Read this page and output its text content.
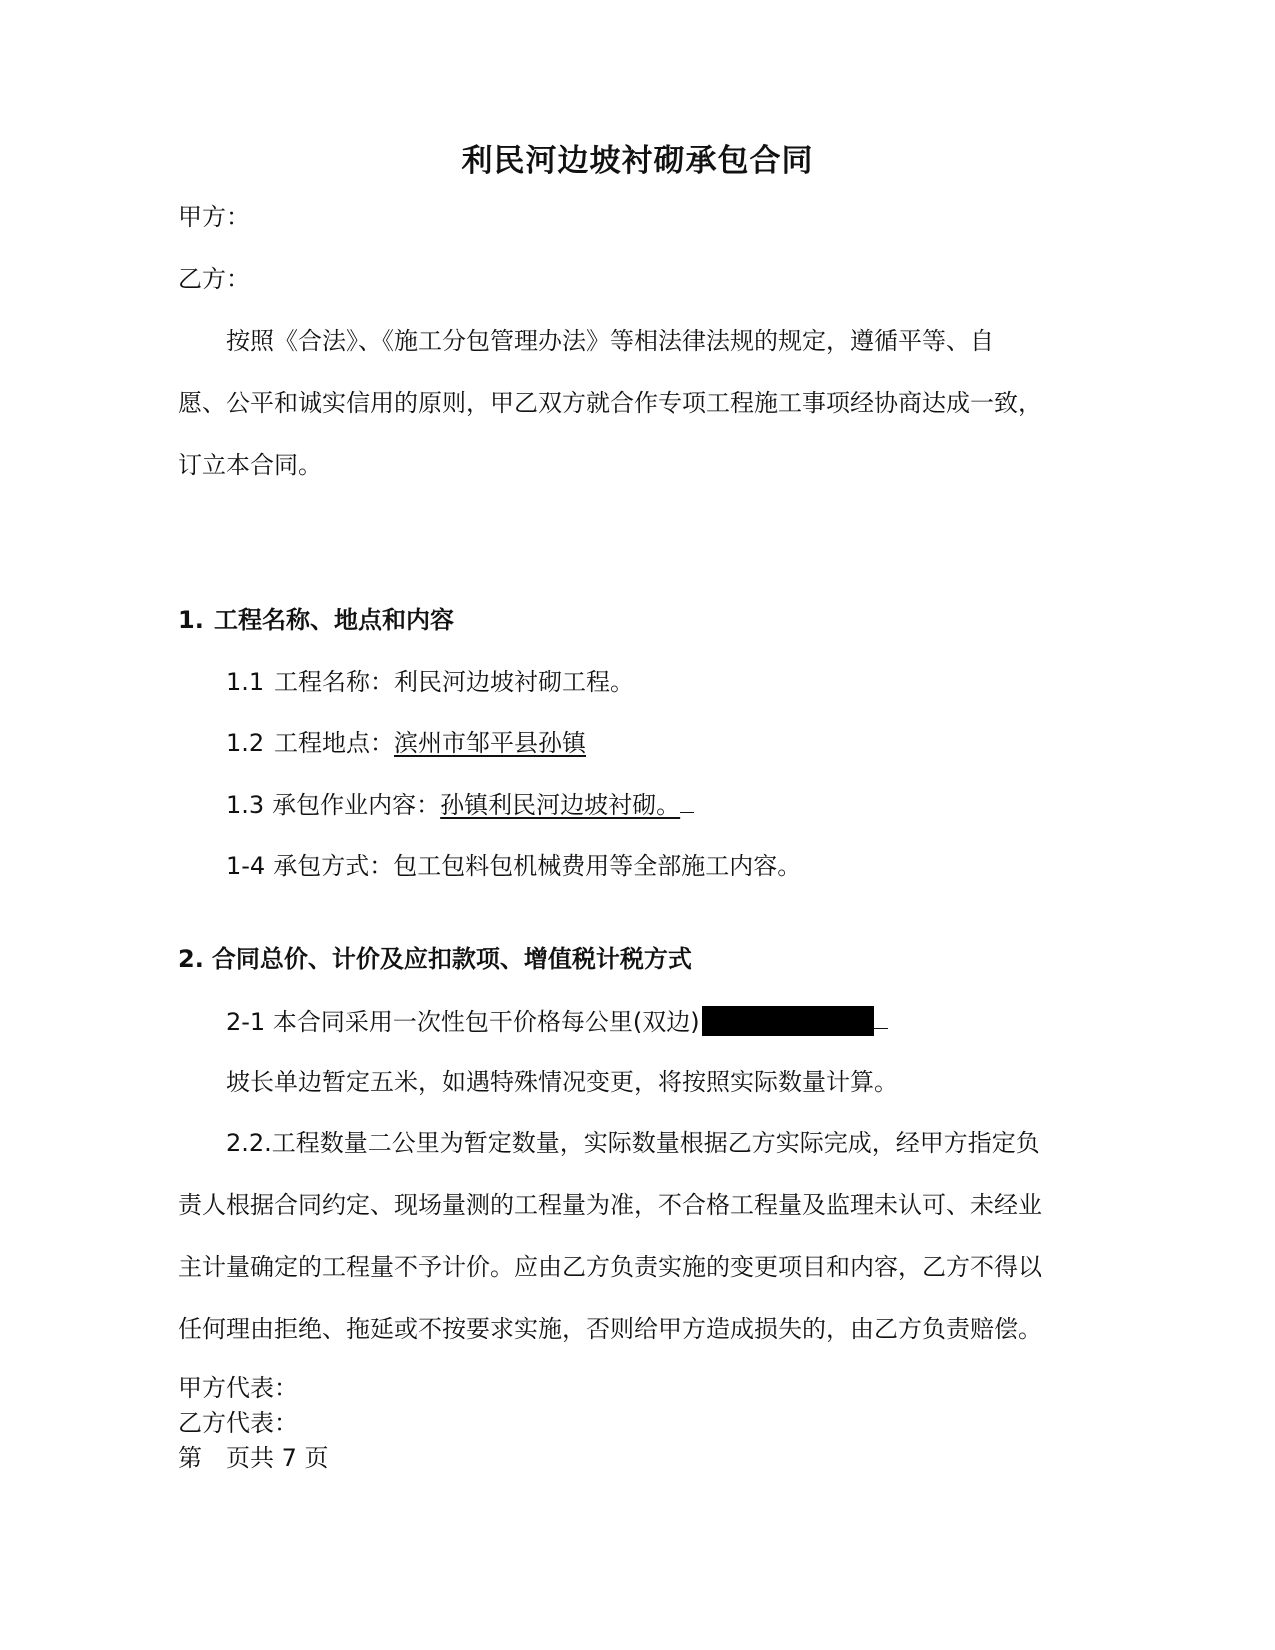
利民河边坡衬砌承包合同
甲方：
乙方：
按照《合法》、《施工分包管理办法》等相法律法规的规定，遵循平等、自
愿、公平和诚实信用的原则，甲乙双方就合作专项工程施工事项经协商达成一致，
订立本合同。
1. 工程名称、地点和内容
1.1 工程名称：利民河边坡衬砌工程。
1.2 工程地点：滨州市邹平县孙镇
1.3 承包作业内容：孙镇利民河边坡衬砌。
1-4 承包方式：包工包料包机械费用等全部施工内容。
2. 合同总价、计价及应扣款项、增值税计税方式
2-1 本合同采用一次性包干价格每公里(双边)
坡长单边暂定五米，如遇特殊情况变更，将按照实际数量计算。
2.2.工程数量二公里为暂定数量，实际数量根据乙方实际完成，经甲方指定负
责人根据合同约定、现场量测的工程量为准，不合格工程量及监理未认可、未经业
主计量确定的工程量不予计价。应由乙方负责实施的变更项目和内容，乙方不得以
任何理由拒绝、拖延或不按要求实施，否则给甲方造成损失的，由乙方负责赔偿。
甲方代表：
乙方代表：
第　页共 7 页
